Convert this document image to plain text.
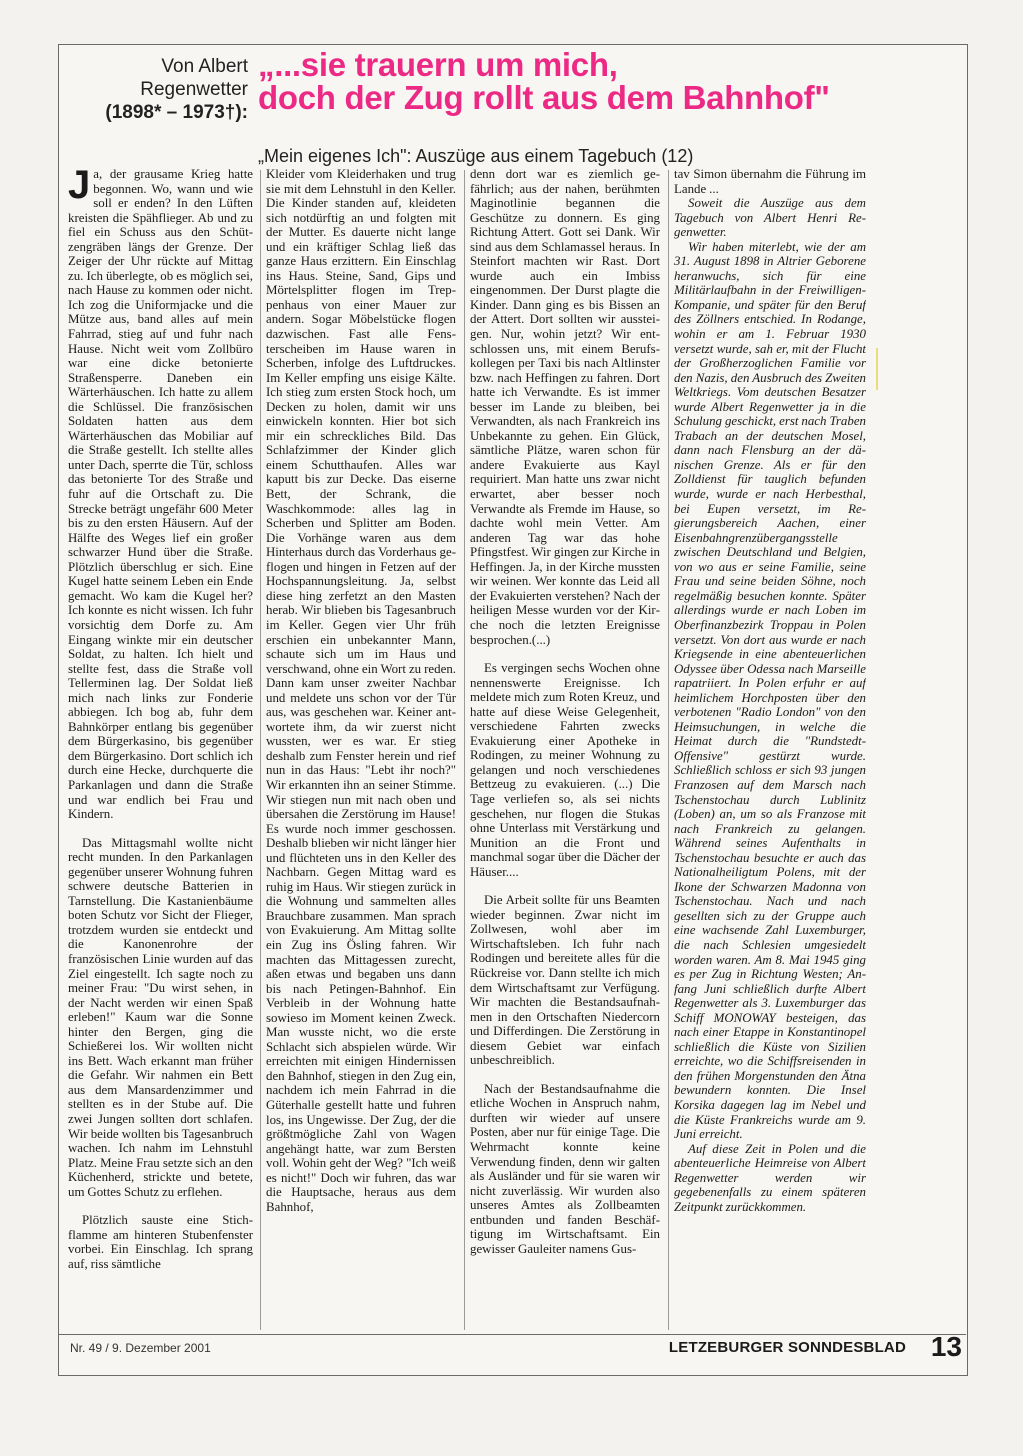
Von Albert
Regenwetter
(1898* – 1973†):
„...sie trauern um mich,
doch der Zug rollt aus dem Bahnhof"
„Mein eigenes Ich": Auszüge aus einem Tagebuch (12)

Ja, der grausame Krieg hatte begonnen. Wo, wann und wie soll er enden? In den Lüften kreisten die Spähflieger. Ab und zu fiel ein Schuss aus den Schützengräben längs der Grenze. Der Zeiger der Uhr rückte auf Mittag zu. Ich überlegte, ob es möglich sei, nach Hause zu kommen oder nicht. Ich zog die Uniformjacke und die Mütze aus, band alles auf mein Fahrrad, stieg auf und fuhr nach Hause. Nicht weit vom Zollbüro war eine dicke betonierte Straßensperre. Daneben ein Wärterhäuschen. Ich hatte zu allem die Schlüssel. Die französischen Soldaten hatten aus dem Wärterhäuschen das Mobiliar auf die Straße gestellt. Ich stellte alles unter Dach, sperrte die Tür, schloss das betonierte Tor des Straße und fuhr auf die Ortschaft zu. Die Strecke beträgt ungefähr 600 Meter bis zu den ersten Häusern. Auf der Hälfte des Weges lief ein großer schwarzer Hund über die Straße. Plötzlich überschlug er sich. Eine Kugel hatte seinem Leben ein Ende gemacht. Wo kam die Kugel her? Ich konnte es nicht wissen. Ich fuhr vorsichtig dem Dorfe zu. Am Eingang winkte mir ein deutscher Soldat, zu halten. Ich hielt und stellte fest, dass die Straße voll Tellerminen lag. Der Soldat ließ mich nach links zur Fonderie abbiegen. Ich bog ab, fuhr dem Bahnkörper entlang bis gegenüber dem Bürgerkasino, bis gegenüber dem Bürgerkasino. Dort schlich ich durch eine Hecke, durchquerte die Parkanlagen und dann die Straße und war endlich bei Frau und Kindern.

Das Mittagsmahl wollte nicht recht munden. In den Parkanlagen gegenüber unserer Wohnung fuhren schwere deutsche Batterien in Tarnstellung. Die Kastanienbäume boten Schutz vor Sicht der Flieger, trotzdem wurden sie entdeckt und die Kanonenrohre der französischen Linie wurden auf das Ziel eingestellt. Ich sagte noch zu meiner Frau: "Du wirst sehen, in der Nacht werden wir einen Spaß erleben!" Kaum war die Sonne hinter den Bergen, ging die Schießerei los. Wir wollten nicht ins Bett. Wach erkannt man früher die Gefahr. Wir nahmen ein Bett aus dem Mansardenzimmer und stellten es in der Stube auf. Die zwei Jungen sollten dort schlafen. Wir beide wollten bis Tagesanbruch wachen. Ich nahm im Lehnstuhl Platz. Meine Frau setzte sich an den Küchenherd, strickte und betete, um Gottes Schutz zu erflehen.

Plötzlich sauste eine Stichflamme am hinteren Stubenfenster vorbei. Ein Einschlag. Ich sprang auf, riss sämtliche

Kleider vom Kleiderhaken und trug sie mit dem Lehnstuhl in den Keller. Die Kinder standen auf, kleideten sich notdürftig an und folgten mit der Mutter. Es dauerte nicht lange und ein kräftiger Schlag ließ das ganze Haus erzittern. Ein Einschlag ins Haus. Steine, Sand, Gips und Mörtelsplitter flogen im Treppenhaus von einer Mauer zur andern. Sogar Möbelstücke flogen dazwischen. Fast alle Fensterscheiben im Hause waren in Scherben, infolge des Luftdruckes. Im Keller empfing uns eisige Kälte. Ich stieg zum ersten Stock hoch, um Decken zu holen, damit wir uns einwickeln konnten. Hier bot sich mir ein schreckliches Bild. Das Schlafzimmer der Kinder glich einem Schutthaufen. Alles war kaputt bis zur Decke. Das eiserne Bett, der Schrank, die Waschkommode: alles lag in Scherben und Splitter am Boden. Die Vorhänge waren aus dem Hinterhaus durch das Vorderhaus geflogen und hingen in Fetzen auf der Hochspannungsleitung. Ja, selbst diese hing zerfetzt an den Masten herab. Wir blieben bis Tagesanbruch im Keller. Gegen vier Uhr früh erschien ein unbekannter Mann, schaute sich um im Haus und verschwand, ohne ein Wort zu reden. Dann kam unser zweiter Nachbar und meldete uns schon vor der Tür aus, was geschehen war. Keiner antwortete ihm, da wir zuerst nicht wussten, wer es war. Er stieg deshalb zum Fenster herein und rief nun in das Haus: "Lebt ihr noch?" Wir erkannten ihn an seiner Stimme. Wir stiegen nun mit nach oben und übersahen die Zerstörung im Hause! Es wurde noch immer geschossen. Deshalb blieben wir nicht länger hier und flüchteten uns in den Keller des Nachbarn. Gegen Mittag ward es ruhig im Haus. Wir stiegen zurück in die Wohnung und sammelten alles Brauchbare zusammen. Man sprach von Evakuierung. Am Mittag sollte ein Zug ins Ösling fahren. Wir machten das Mittagessen zurecht, aßen etwas und begaben uns dann bis nach Petingen-Bahnhof. Ein Verbleib in der Wohnung hatte sowieso im Moment keinen Zweck. Man wusste nicht, wo die erste Schlacht sich abspielen würde. Wir erreichten mit einigen Hindernissen den Bahnhof, stiegen in den Zug ein, nachdem ich mein Fahrrad in die Güterhalle gestellt hatte und fuhren los, ins Ungewisse. Der Zug, der die größtmögliche Zahl von Wagen angehängt hatte, war zum Bersten voll. Wohin geht der Weg? "Ich weiß es nicht!" Doch wir fuhren, das war die Hauptsache, heraus aus dem Bahnhof,

denn dort war es ziemlich gefährlich; aus der nahen, berühmten Maginotlinie begannen die Geschütze zu donnern. Es ging Richtung Attert. Gott sei Dank. Wir sind aus dem Schlamassel heraus. In Steinfort machten wir Rast. Dort wurde auch ein Imbiss eingenommen. Der Durst plagte die Kinder. Dann ging es bis Bissen an der Attert. Dort sollten wir aussteigen. Nur, wohin jetzt? Wir entschlossen uns, mit einem Berufskollegen per Taxi bis nach Altlinster bzw. nach Heffingen zu fahren. Dort hatte ich Verwandte. Es ist immer besser im Lande zu bleiben, bei Verwandten, als nach Frankreich ins Unbekannte zu gehen. Ein Glück, sämtliche Plätze, waren schon für andere Evakuierte aus Kayl requiriert. Man hatte uns zwar nicht erwartet, aber besser noch Verwandte als Fremde im Hause, so dachte wohl mein Vetter. Am anderen Tag war das hohe Pfingstfest. Wir gingen zur Kirche in Heffingen. Ja, in der Kirche mussten wir weinen. Wer konnte das Leid all der Evakuierten verstehen? Nach der heiligen Messe wurden vor der Kirche noch die letzten Ereignisse besprochen.(...)

Es vergingen sechs Wochen ohne nennenswerte Ereignisse. Ich meldete mich zum Roten Kreuz, und hatte auf diese Weise Gelegenheit, verschiedene Fahrten zwecks Evakuierung einer Apotheke in Rodingen, zu meiner Wohnung zu gelangen und noch verschiedenes Bettzeug zu evakuieren. (...) Die Tage verliefen so, als sei nichts geschehen, nur flogen die Stukas ohne Unterlass mit Verstärkung und Munition an die Front und manchmal sogar über die Dächer der Häuser....

Die Arbeit sollte für uns Beamten wieder beginnen. Zwar nicht im Zollwesen, wohl aber im Wirtschaftsleben. Ich fuhr nach Rodingen und bereitete alles für die Rückreise vor. Dann stellte ich mich dem Wirtschaftsamt zur Verfügung. Wir machten die Bestandsaufnahmen in den Ortschaften Niedercorn und Differdingen. Die Zerstörung in diesem Gebiet war einfach unbeschreiblich.

Nach der Bestandsaufnahme die etliche Wochen in Anspruch nahm, durften wir wieder auf unsere Posten, aber nur für einige Tage. Die Wehrmacht konnte keine Verwendung finden, denn wir galten als Ausländer und für sie waren wir nicht zuverlässig. Wir wurden also unseres Amtes als Zollbeamten entbunden und fanden Beschäftigung im Wirtschaftsamt. Ein gewisser Gauleiter namens Gus-

tav Simon übernahm die Führung im Lande ...

Soweit die Auszüge aus dem Tagebuch von Albert Henri Regenwetter.

Wir haben miterlebt, wie der am 31. August 1898 in Altrier Geborene heranwuchs, sich für eine Militärlaufbahn in der Freiwilligen-Kompanie, und später für den Beruf des Zöllners entschied. In Rodange, wohin er am 1. Februar 1930 versetzt wurde, sah er, mit der Flucht der Großherzoglichen Familie vor den Nazis, den Ausbruch des Zweiten Weltkriegs. Vom deutschen Besatzer wurde Albert Regenwetter ja in die Schulung geschickt, erst nach Traben Trabach an der deutschen Mosel, dann nach Flensburg an der dänischen Grenze. Als er für den Zolldienst für tauglich befunden wurde, wurde er nach Herbesthal, bei Eupen versetzt, im Regierungsbereich Aachen, einer Eisenbahngrenzübergangsstelle zwischen Deutschland und Belgien, von wo aus er seine Familie, seine Frau und seine beiden Söhne, noch regelmäßig besuchen konnte. Später allerdings wurde er nach Loben im Oberfinanzbezirk Troppau in Polen versetzt. Von dort aus wurde er nach Kriegsende in eine abenteuerlichen Odyssee über Odessa nach Marseille rapatriiert. In Polen erfuhr er auf heimlichem Horchposten über den verbotenen "Radio London" von den Heimsuchungen, in welche die Heimat durch die "Rundstedt-Offensive" gestürzt wurde. Schließlich schloss er sich 93 jungen Franzosen auf dem Marsch nach Tschenstochau durch Lublinitz (Loben) an, um so als Franzose mit nach Frankreich zu gelangen. Während seines Aufenthalts in Tschenstochau besuchte er auch das Nationalheiligtum Polens, mit der Ikone der Schwarzen Madonna von Tschenstochau. Nach und nach gesellten sich zu der Gruppe auch eine wachsende Zahl Luxemburger, die nach Schlesien umgesiedelt worden waren. Am 8. Mai 1945 ging es per Zug in Richtung Westen; Anfang Juni schließlich durfte Albert Regenwetter als 3. Luxemburger das Schiff MONOWAY besteigen, das nach einer Etappe in Konstantinopel schließlich die Küste von Sizilien erreichte, wo die Schiffsreisenden in den frühen Morgenstunden den Ätna bewundern konnten. Die Insel Korsika dagegen lag im Nebel und die Küste Frankreichs wurde am 9. Juni erreicht.

Auf diese Zeit in Polen und die abenteuerliche Heimreise von Albert Regenwetter werden wir gegebenenfalls zu einem späteren Zeitpunkt zurückkommen.

Nr. 49 / 9. Dezember 2001	LETZEBURGER SONNDESBLAD 13
